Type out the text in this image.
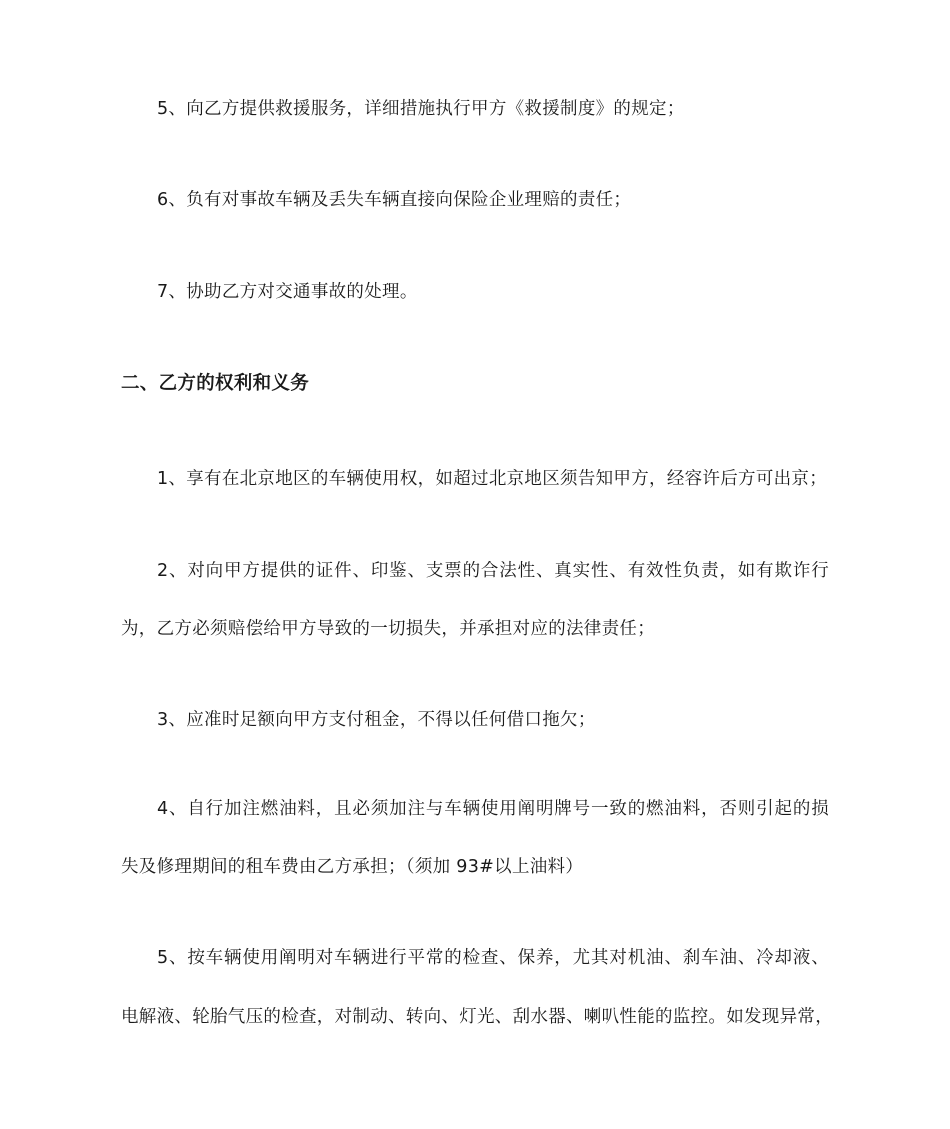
5、向乙方提供救援服务，详细措施执行甲方《救援制度》的规定；
6、负有对事故车辆及丢失车辆直接向保险企业理赔的责任；
7、协助乙方对交通事故的处理。
二、乙方的权利和义务
1、享有在北京地区的车辆使用权，如超过北京地区须告知甲方，经容许后方可出京；
2、对向甲方提供的证件、印鉴、支票的合法性、真实性、有效性负责，如有欺诈行
为，乙方必须赔偿给甲方导致的一切损失，并承担对应的法律责任；
3、应准时足额向甲方支付租金，不得以任何借口拖欠；
4、自行加注燃油料，且必须加注与车辆使用阐明牌号一致的燃油料，否则引起的损
失及修理期间的租车费由乙方承担；（须加 93#以上油料）
5、按车辆使用阐明对车辆进行平常的检查、保养，尤其对机油、刹车油、冷却液、
电解液、轮胎气压的检查，对制动、转向、灯光、刮水器、喇叭性能的监控。如发现异常，
